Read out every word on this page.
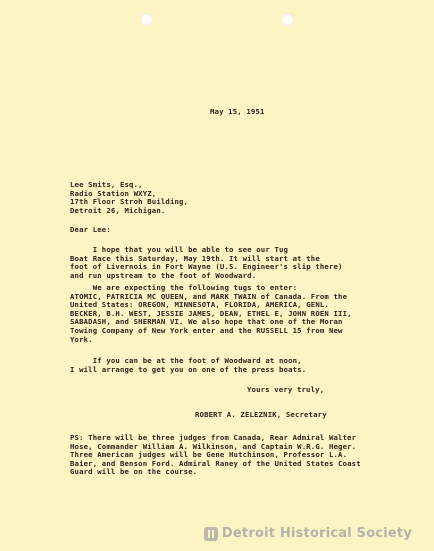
May 15, 1951

Lee Smits, Esq.,
Radio Station WXYZ,
17th Floor Stroh Building,
Detroit 26, Michigan.

Dear Lee:

I hope that you will be able to see our Tug
Boat Race this Saturday, May 19th. It will start at the
foot of Livernois in Fort Wayne (U.S. Engineer's slip there)
and run upstream to the foot of Woodward.

We are expecting the following tugs to enter:
ATOMIC, PATRICIA MC QUEEN, and MARK TWAIN of Canada. From the
United States: OREGON, MINNESOTA, FLORIDA, AMERICA, GENL.
BECKER, B.H. WEST, JESSIE JAMES, DEAN, ETHEL E, JOHN ROEN III,
SABADASH, and SHERMAN VI. We also hope that one of the Moran
Towing Company of New York enter and the RUSSELL 15 from New
York.

If you can be at the foot of Woodward at noon,
I will arrange to get you on one of the press boats.

Yours very truly,

ROBERT A. ZELEZNIK, Secretary

PS: There will be three judges from Canada, Rear Admiral Walter
Hose, Commander William A. Wilkinson, and Captain W.R.G. Heger.
Three American judges will be Gene Hutchinson, Professor L.A.
Baier, and Benson Ford. Admiral Raney of the United States Coast
Guard will be on the course.

Detroit Historical Society
